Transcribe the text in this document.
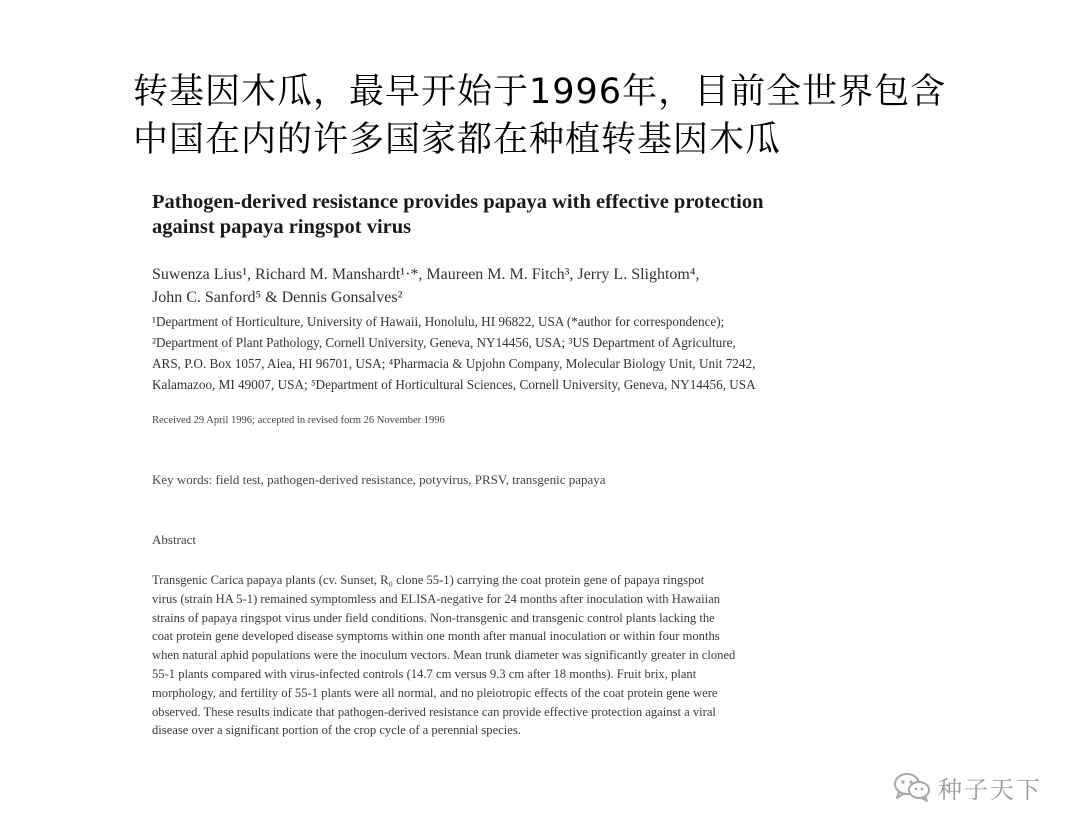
转基因木瓜，最早开始于1996年，目前全世界包含
中国在内的许多国家都在种植转基因木瓜
Pathogen-derived resistance provides papaya with effective protection
against papaya ringspot virus
Suwenza Lius¹, Richard M. Manshardt¹·*, Maureen M. M. Fitch³, Jerry L. Slightom⁴,
John C. Sanford⁵ & Dennis Gonsalves²
¹Department of Horticulture, University of Hawaii, Honolulu, HI 96822, USA (*author for correspondence);
²Department of Plant Pathology, Cornell University, Geneva, NY14456, USA; ³US Department of Agriculture,
ARS, P.O. Box 1057, Aiea, HI 96701, USA; ⁴Pharmacia & Upjohn Company, Molecular Biology Unit, Unit 7242,
Kalamazoo, MI 49007, USA; ⁵Department of Horticultural Sciences, Cornell University, Geneva, NY14456, USA
Received 29 April 1996; accepted in revised form 26 November 1996
Key words: field test, pathogen-derived resistance, potyvirus, PRSV, transgenic papaya
Abstract
Transgenic Carica papaya plants (cv. Sunset, R₀ clone 55-1) carrying the coat protein gene of papaya ringspot
virus (strain HA 5-1) remained symptomless and ELISA-negative for 24 months after inoculation with Hawaiian
strains of papaya ringspot virus under field conditions. Non-transgenic and transgenic control plants lacking the
coat protein gene developed disease symptoms within one month after manual inoculation or within four months
when natural aphid populations were the inoculum vectors. Mean trunk diameter was significantly greater in cloned
55-1 plants compared with virus-infected controls (14.7 cm versus 9.3 cm after 18 months). Fruit brix, plant
morphology, and fertility of 55-1 plants were all normal, and no pleiotropic effects of the coat protein gene were
observed. These results indicate that pathogen-derived resistance can provide effective protection against a viral
disease over a significant portion of the crop cycle of a perennial species.
种子天下
